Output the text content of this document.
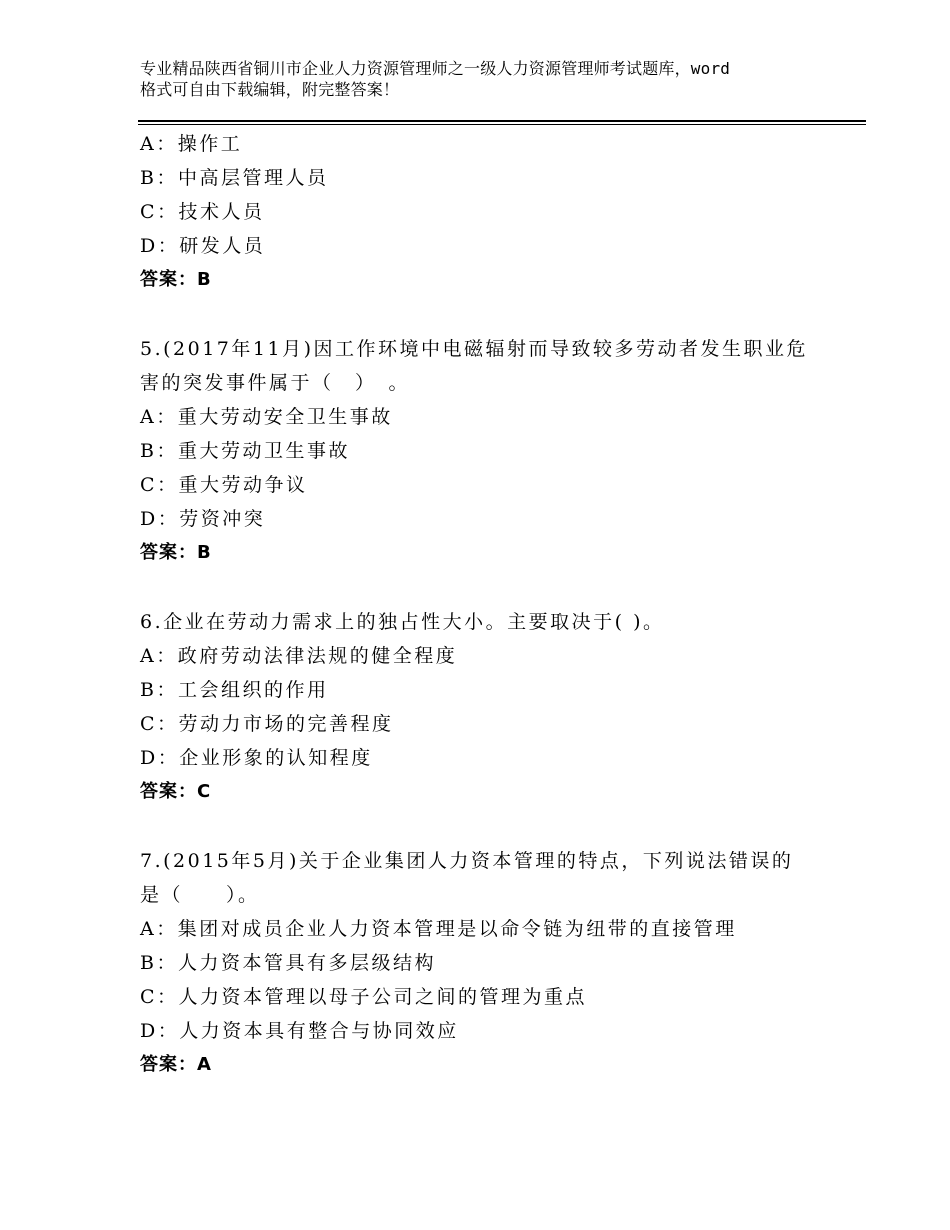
专业精品陕西省铜川市企业人力资源管理师之一级人力资源管理师考试题库，word
格式可自由下载编辑，附完整答案！
A：操作工
B：中高层管理人员
C：技术人员
D：研发人员
答案：B
5.(2017年11月)因工作环境中电磁辐射而导致较多劳动者发生职业危
害的突发事件属于（　）　。
A：重大劳动安全卫生事故
B：重大劳动卫生事故
C：重大劳动争议
D：劳资冲突
答案：B
6.企业在劳动力需求上的独占性大小。主要取决于( )。
A：政府劳动法律法规的健全程度
B：工会组织的作用
C：劳动力市场的完善程度
D：企业形象的认知程度
答案：C
7.(2015年5月)关于企业集团人力资本管理的特点，下列说法错误的
是（　　）。
A：集团对成员企业人力资本管理是以命令链为纽带的直接管理
B：人力资本管具有多层级结构
C：人力资本管理以母子公司之间的管理为重点
D：人力资本具有整合与协同效应
答案：A
